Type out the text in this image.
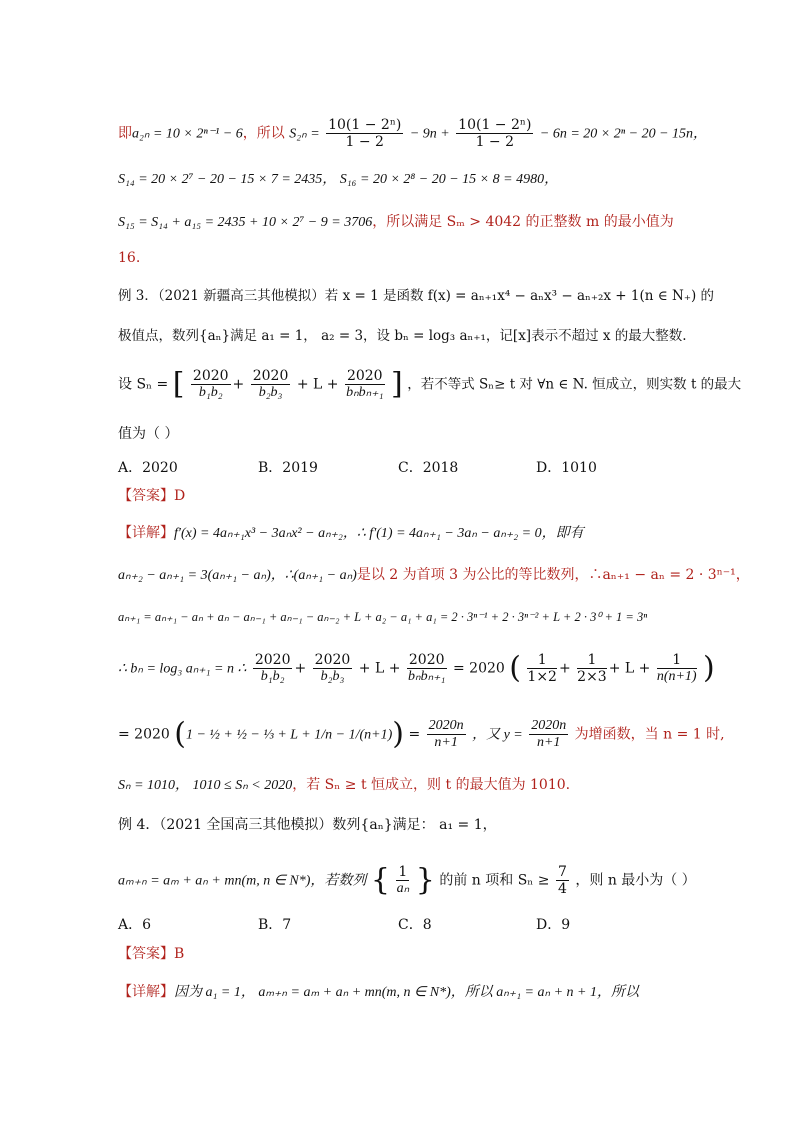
即a₂ₙ = 10 × 2ⁿ⁻¹ − 6，所以 $S_{2n} = \frac{\text{10(1 − 2ⁿ)}}{1 - 2} - 9n + \frac{\text{10(1 − 2ⁿ)}}{1 - 2} - 6n = 20 \times 2^n - 20 - 15n$，
S₁₄ = 20 × 2⁷ − 20 − 15 × 7 = 2435， S₁₆ = 20 × 2⁸ − 20 − 15 × 8 = 4980，
S₁₅ = S₁₄ + a₁₅ = 2435 + 10 × 2⁷ − 9 = 3706，所以满足 Sₘ > 4042 的正整数 m 的最小值为
16.
例 3．（2021 新疆高三其他模拟）若 x = 1 是函数 f(x) = aₙ₊₁x⁴ − aₙx³ − aₙ₊₂x + 1(n ∈ N₊) 的
极值点，数列{aₙ}满足 a₁ = 1， a₂ = 3，设 bₙ = log₃ aₙ₊₁，记[x]表示不超过 x 的最大整数.
设 Sₙ = [ $\frac{2020}{\text{b₁b₂}} + \frac{2020}{\text{b₂b₃}} + L + \frac{2020}{\text{bₙbₙ₊₁}}$ ] ，若不等式 Sₙ≥ t 对 ∀n ∈ N. 恒成立，则实数 t 的最大
值为（ ）
A．2020	B．2019	C．2018	D．1010
【答案】D
【详解】f′(x) = 4aₙ₊₁x³ − 3aₙx² − aₙ₊₂，∴ f′(1) = 4aₙ₊₁ − 3aₙ − aₙ₊₂ = 0，即有
aₙ₊₂ − aₙ₊₁ = 3(aₙ₊₁ − aₙ)，∴(aₙ₊₁ − aₙ)是以 2 为首项 3 为公比的等比数列，∴aₙ₊₁ − aₙ = 2 · 3ⁿ⁻¹，
aₙ₊₁ = aₙ₊₁ − aₙ + aₙ − aₙ₋₁ + aₙ₋₁ − aₙ₋₂ + L + a₂ − a₁ + a₁ = 2 · 3ⁿ⁻¹ + 2 · 3ⁿ⁻² + L + 2 · 3⁰ + 1 = 3ⁿ
∴ bₙ = log₃ aₙ₊₁ = n ∴ $\frac{2020}{\text{b₁b₂}} + \frac{2020}{\text{b₂b₃}} + L + \frac{2020}{\text{bₙbₙ₊₁}} = 2020$ ( $\frac{1}{1\times 2} + \frac{1}{2\times 3} + L + \frac{1}{n(n+1)}$ )
= 2020 (1 − ½ + ½ − ⅓ + $L + 1/n - 1/(n+1)) = \frac{2020n}{n+1}$ ，又 $y = \frac{2020n}{n+1}$ 为增函数，当 n = 1 时,
Sₙ = 1010， 1010 ≤ Sₙ < 2020，若 Sₙ ≥ t 恒成立，则 t 的最大值为 1010.
例 4．（2021 全国高三其他模拟）数列{aₙ}满足： a₁ = 1，
aₘ₊ₙ = aₘ + aₙ + mn(m, n ∈ N*)，若数列 { $\frac{1}{\text{aₙ}}$ } 的前 n 项和 $S_n \ge \frac{7}{4}$ ，则 n 最小为（ ）
A．6	B．7	C．8	D．9
【答案】B
【详解】因为 a₁ = 1， aₘ₊ₙ = aₘ + aₙ + mn(m, n ∈ N*)，所以 aₙ₊₁ = aₙ + n + 1，所以
